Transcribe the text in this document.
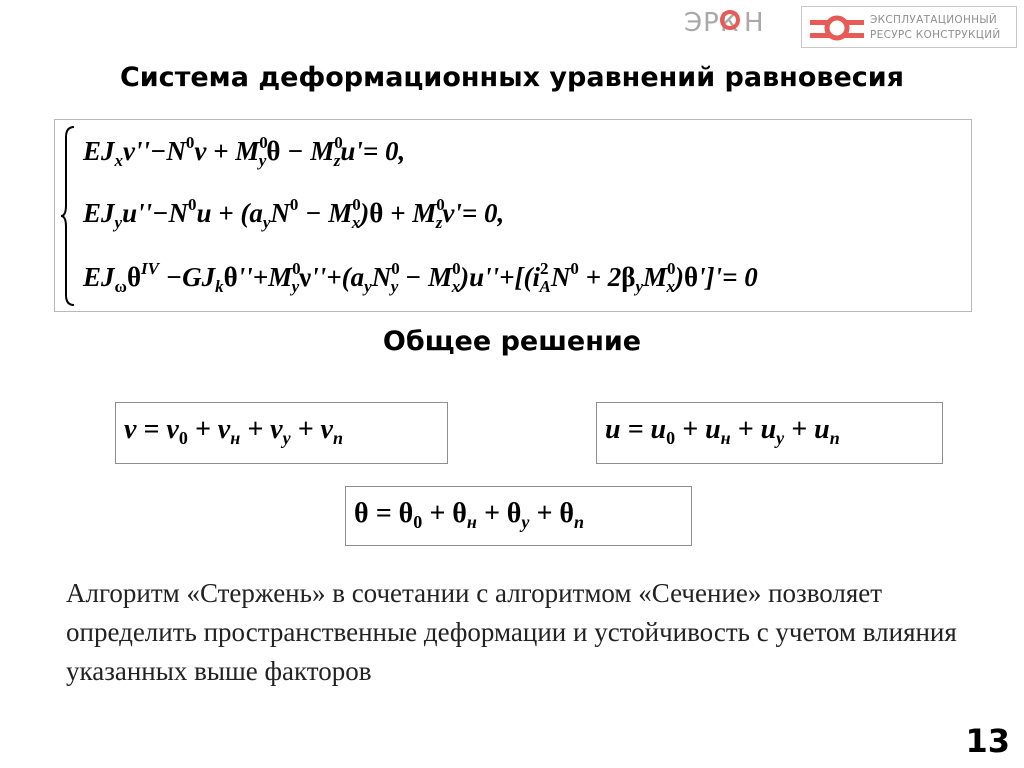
ЭРК Н	ЭКСПЛУАТАЦИОННЫЙ
РЕСУРС КОНСТРУКЦИЙ
Система деформационных уравнений равновесия
$EJ_xv''-N^0v + M^0_y\theta - M^0_zu'= 0$,
$EJ_yu''-N^0u + (a_yN^0 - M^0_x)\theta + M^0_zv'= 0$,
$EJ_\omega\theta^{IV} -GJ_k\theta''+M^0_y\nu''+(a_yN^0_y - M^0_x)u''+[(i^2_AN^0 + 2\beta_yM^0_x)\theta']'= 0$
Общее решение
$v = v_0 + v_н + v_у + v_п$	$u = u_0 + u_н + u_у + u_п$
$\theta = \theta_0 + \theta_н + \theta_у + \theta_п$
Алгоритм «Стержень» в сочетании с алгоритмом «Сечение» позволяет определить пространственные деформации и устойчивость с учетом влияния указанных выше факторов
13
